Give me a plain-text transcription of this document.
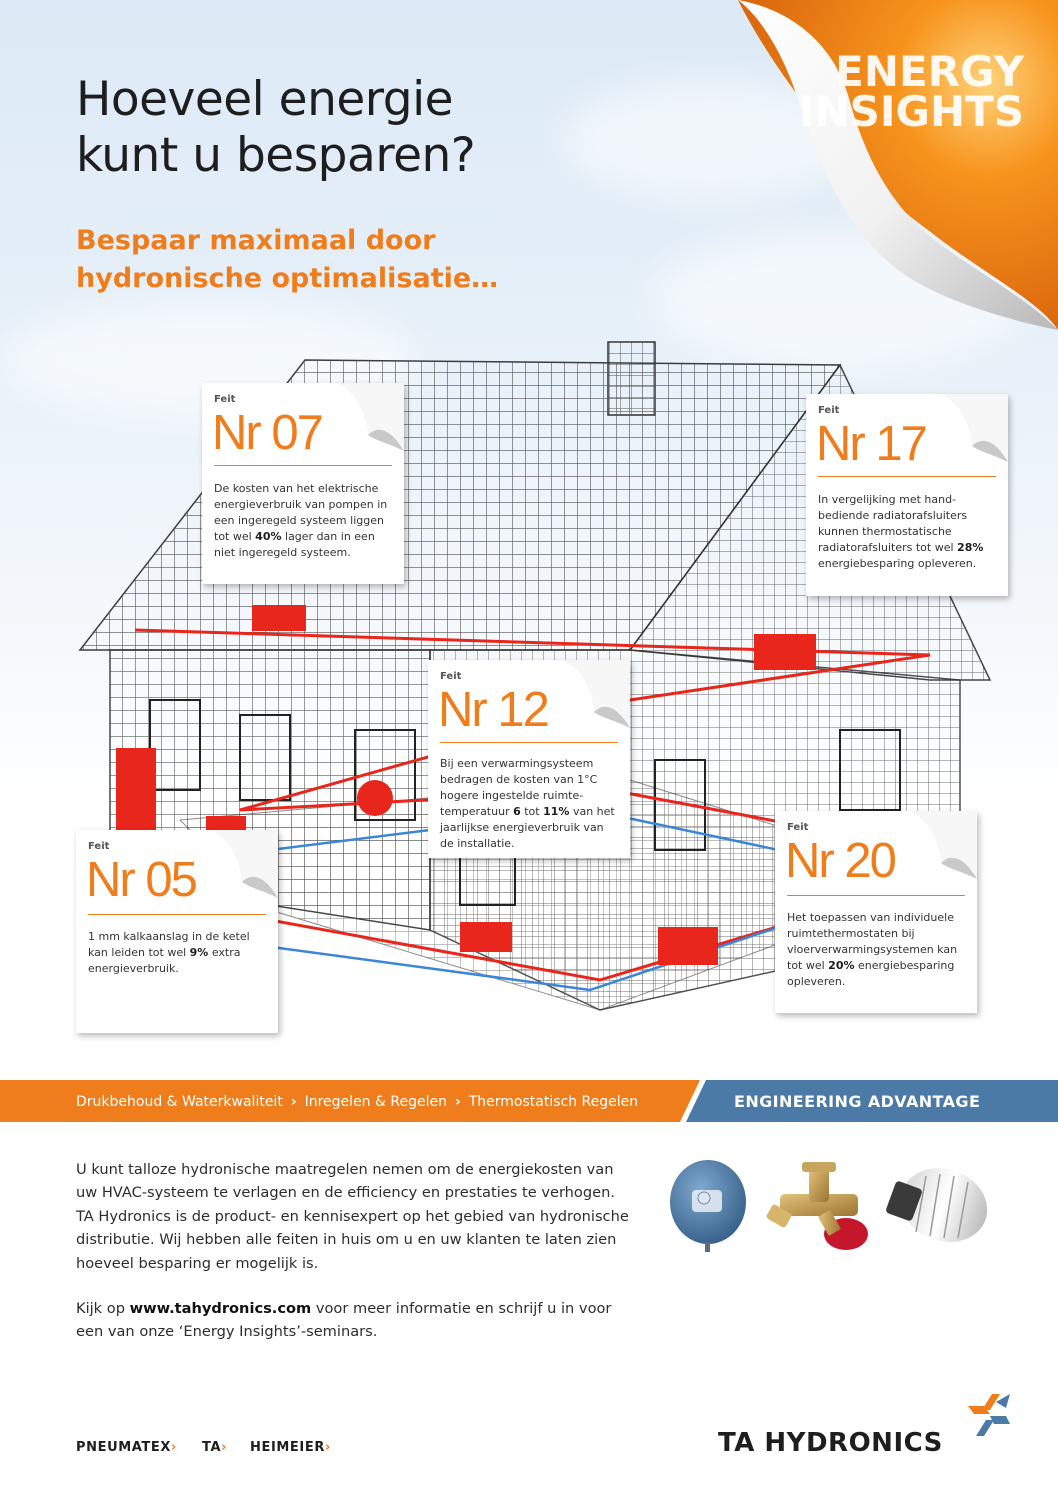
ENERGY
INSIGHTS
Hoeveel energie
kunt u besparen?
Bespaar maximaal door
hydronische optimalisatie…
Feit
Nr 07
De kosten van het elektrische
energieverbruik van pompen in
een ingeregeld systeem liggen
tot wel 40% lager dan in een
niet ingeregeld systeem.
Feit
Nr 17
In vergelijking met hand-
bediende radiatorafsluiters
kunnen thermostatische
radiatorafsluiters tot wel 28%
energiebesparing opleveren.
Feit
Nr 12
Bij een verwarmingsysteem
bedragen de kosten van 1°C
hogere ingestelde ruimte-
temperatuur 6 tot 11% van het
jaarlijkse energieverbruik van
de installatie.
Feit
Nr 05
1 mm kalkaanslag in de ketel
kan leiden tot wel 9% extra
energieverbruik.
Feit
Nr 20
Het toepassen van individuele
ruimtethermostaten bij
vloerverwarmingsystemen kan
tot wel 20% energiebesparing
opleveren.
Drukbehoud & Waterkwaliteit › Inregelen & Regelen › Thermostatisch Regelen	ENGINEERING ADVANTAGE
U kunt talloze hydronische maatregelen nemen om de energiekosten van
uw HVAC-systeem te verlagen en de efficiency en prestaties te verhogen.
TA Hydronics is de product- en kennisexpert op het gebied van hydronische
distributie. Wij hebben alle feiten in huis om u en uw klanten te laten zien
hoeveel besparing er mogelijk is.
Kijk op www.tahydronics.com voor meer informatie en schrijf u in voor
een van onze ‘Energy Insights’-seminars.
PNEUMATEX› TA› HEIMEIER›	TA HYDRONICS
